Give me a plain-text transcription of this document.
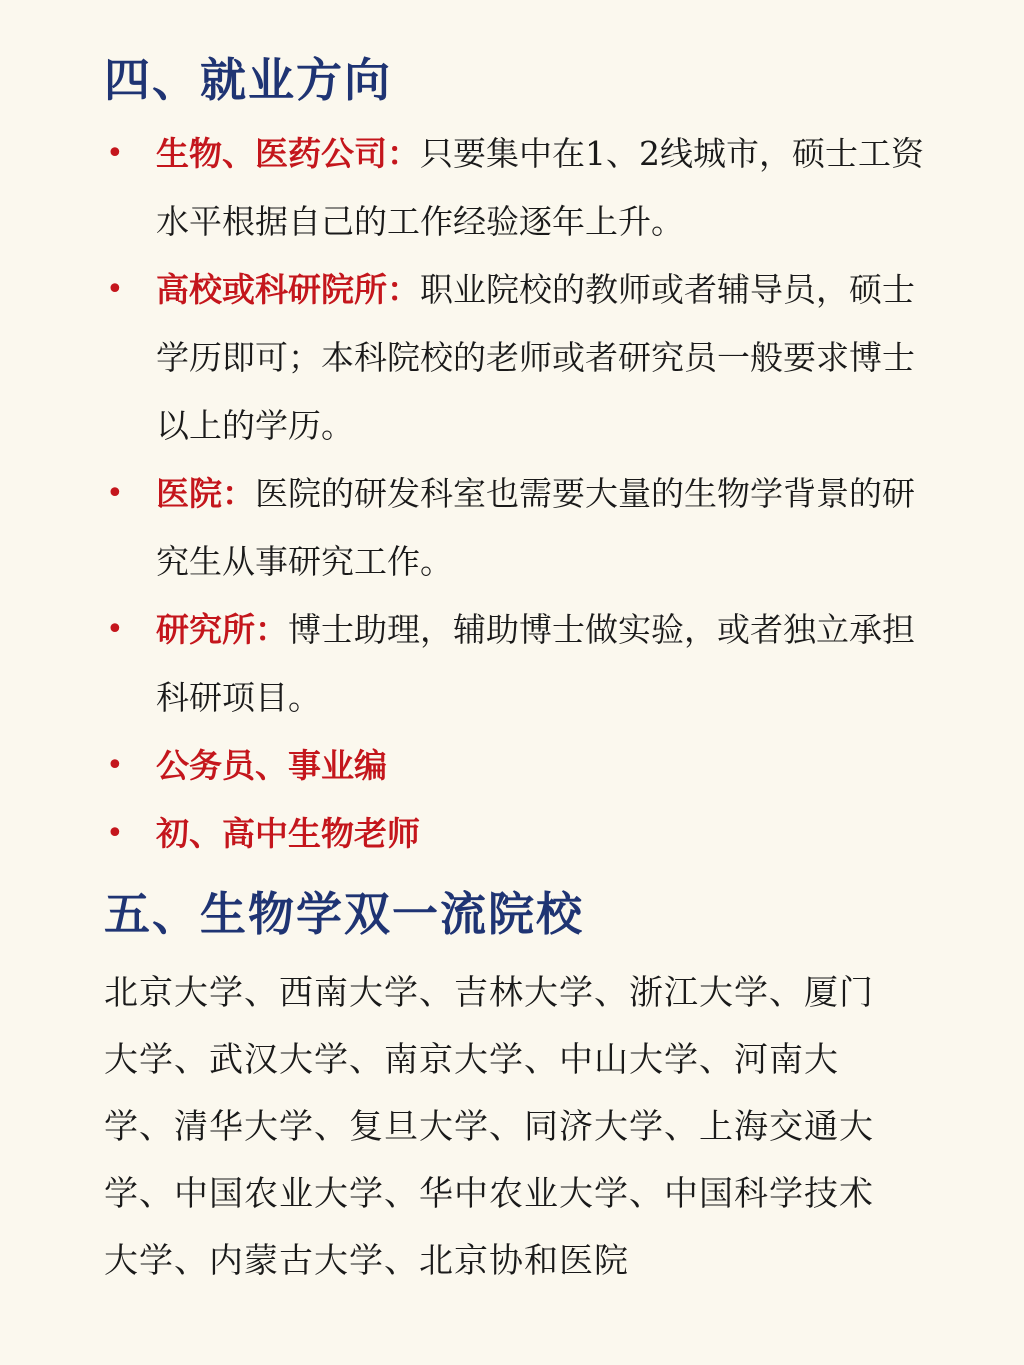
四、就业方向
• 生物、医药公司：只要集中在1、2线城市，硕士工资水平根据自己的工作经验逐年上升。
• 高校或科研院所：职业院校的教师或者辅导员，硕士学历即可；本科院校的老师或者研究员一般要求博士以上的学历。
• 医院：医院的研发科室也需要大量的生物学背景的研究生从事研究工作。
• 研究所：博士助理，辅助博士做实验，或者独立承担科研项目。
• 公务员、事业编
• 初、高中生物老师
五、生物学双一流院校

北京大学、西南大学、吉林大学、浙江大学、厦门大学、武汉大学、南京大学、中山大学、河南大学、清华大学、复旦大学、同济大学、上海交通大学、中国农业大学、华中农业大学、中国科学技术大学、内蒙古大学、北京协和医院
